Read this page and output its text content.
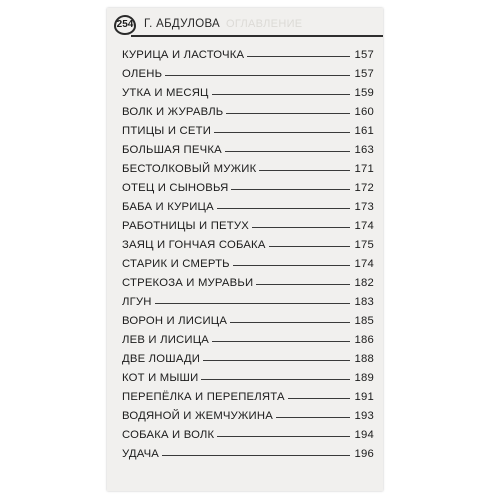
254 Г. АБДУЛОВА ОГЛАВЛЕНИЕ
КУРИЦА И ЛАСТОЧКА	157
ОЛЕНЬ	157
УТКА И МЕСЯЦ	159
ВОЛК И ЖУРАВЛЬ	160
ПТИЦЫ И СЕТИ	161
БОЛЬШАЯ ПЕЧКА	163
БЕСТОЛКОВЫЙ МУЖИК	171
ОТЕЦ И СЫНОВЬЯ	172
БАБА И КУРИЦА	173
РАБОТНИЦЫ И ПЕТУХ	174
ЗАЯЦ И ГОНЧАЯ СОБАКА	175
СТАРИК И СМЕРТЬ	174
СТРЕКОЗА И МУРАВЬИ	182
ЛГУН	183
ВОРОН И ЛИСИЦА	185
ЛЕВ И ЛИСИЦА	186
ДВЕ ЛОШАДИ	188
КОТ И МЫШИ	189
ПЕРЕПЁЛКА И ПЕРЕПЕЛЯТА	191
ВОДЯНОЙ И ЖЕМЧУЖИНА	193
СОБАКА И ВОЛК	194
УДАЧА	196
